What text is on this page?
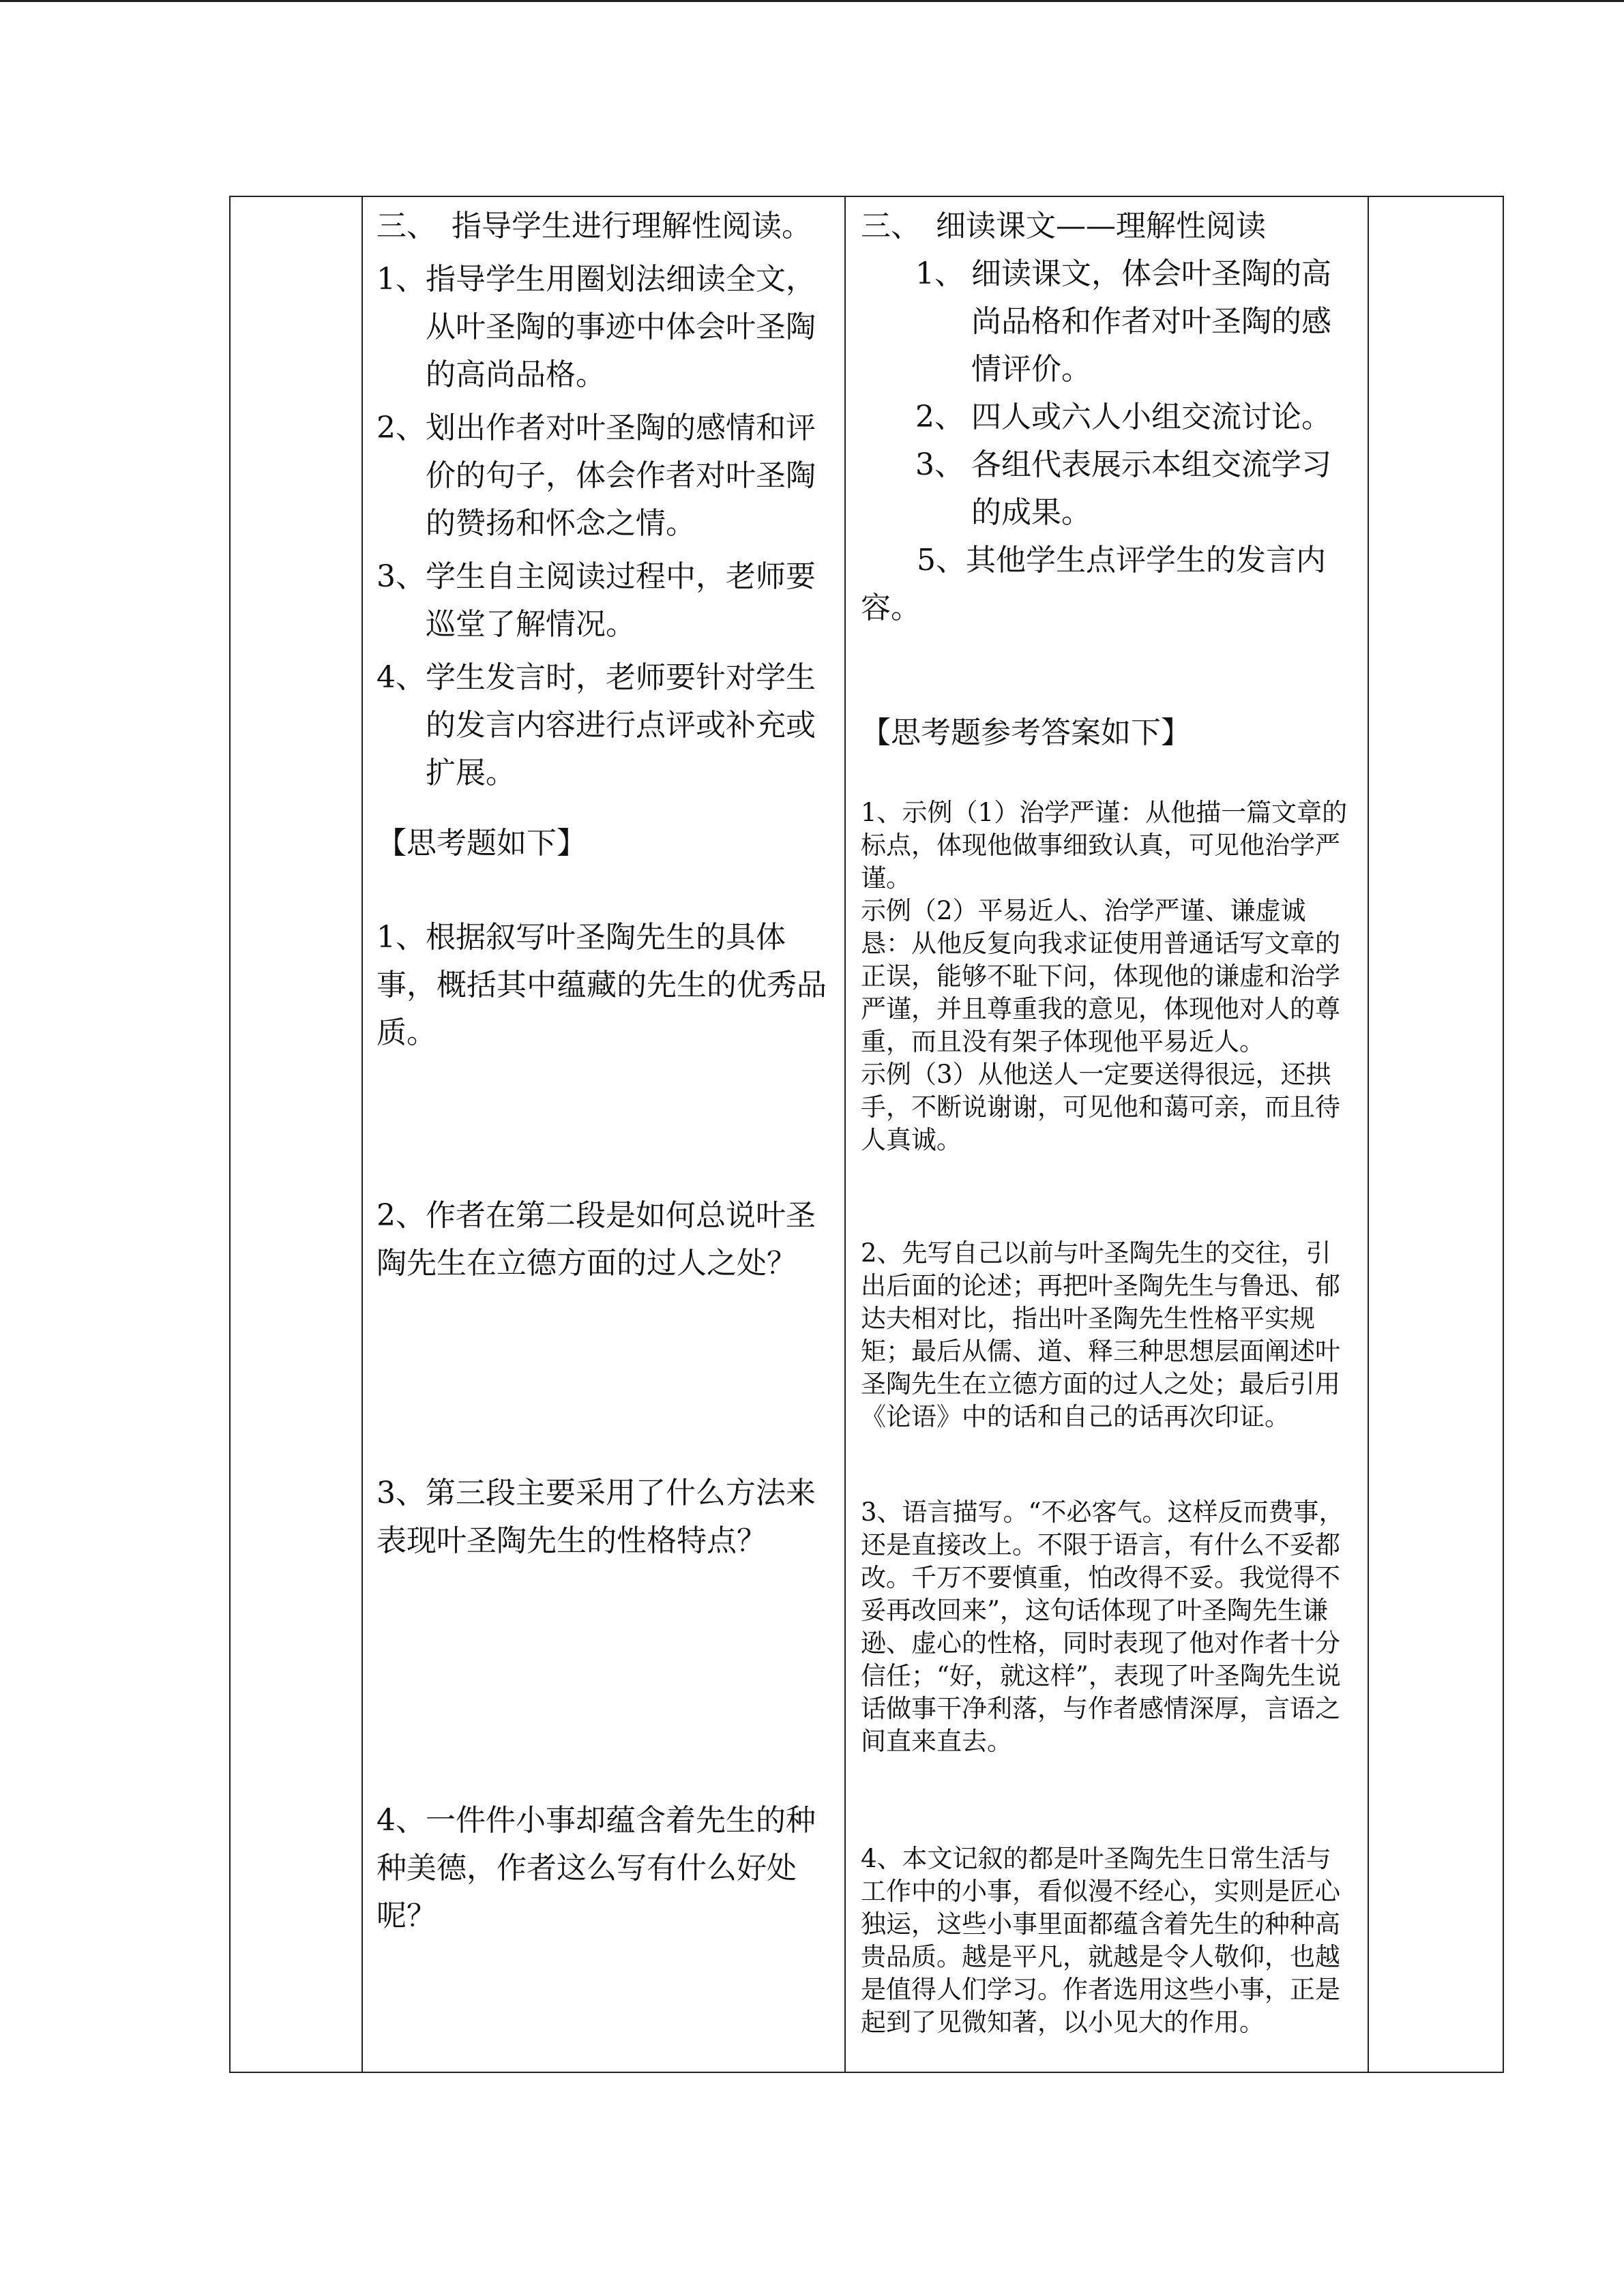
三、　指导学生进行理解性阅读。

1、 指导学生用圈划法细读全文，从叶圣陶的事迹中体会叶圣陶的高尚品格。
2、 划出作者对叶圣陶的感情和评价的句子，体会作者对叶圣陶的赞扬和怀念之情。
3、 学生自主阅读过程中，老师要巡堂了解情况。
4、 学生发言时，老师要针对学生的发言内容进行点评或补充或扩展。

【思考题如下】

1、根据叙写叶圣陶先生的具体事，概括其中蕴藏的先生的优秀品质。

2、作者在第二段是如何总说叶圣陶先生在立德方面的过人之处？

3、第三段主要采用了什么方法来表现叶圣陶先生的性格特点？

4、一件件小事却蕴含着先生的种种美德，作者这么写有什么好处呢？

三、　细读课文——理解性阅读

1、 细读课文，体会叶圣陶的高尚品格和作者对叶圣陶的感情评价。
2、 四人或六人小组交流讨论。
3、 各组代表展示本组交流学习的成果。

5、其他学生点评学生的发言内容。

【思考题参考答案如下】

1、示例（1）治学严谨：从他描一篇文章的标点，体现他做事细致认真，可见他治学严谨。

示例（2）平易近人、治学严谨、谦虚诚恳：从他反复向我求证使用普通话写文章的正误，能够不耻下问，体现他的谦虚和治学严谨，并且尊重我的意见，体现他对人的尊重，而且没有架子体现他平易近人。

示例（3）从他送人一定要送得很远，还拱手，不断说谢谢，可见他和蔼可亲，而且待人真诚。

2、先写自己以前与叶圣陶先生的交往，引出后面的论述；再把叶圣陶先生与鲁迅、郁达夫相对比，指出叶圣陶先生性格平实规矩；最后从儒、道、释三种思想层面阐述叶圣陶先生在立德方面的过人之处；最后引用《论语》中的话和自己的话再次印证。

3、语言描写。“不必客气。这样反而费事，还是直接改上。不限于语言，有什么不妥都改。千万不要慎重，怕改得不妥。我觉得不妥再改回来”，这句话体现了叶圣陶先生谦逊、虚心的性格，同时表现了他对作者十分信任；“好，就这样”，表现了叶圣陶先生说话做事干净利落，与作者感情深厚，言语之间直来直去。

4、本文记叙的都是叶圣陶先生日常生活与工作中的小事，看似漫不经心，实则是匠心独运，这些小事里面都蕴含着先生的种种高贵品质。越是平凡，就越是令人敬仰，也越是值得人们学习。作者选用这些小事，正是起到了见微知著，以小见大的作用。
